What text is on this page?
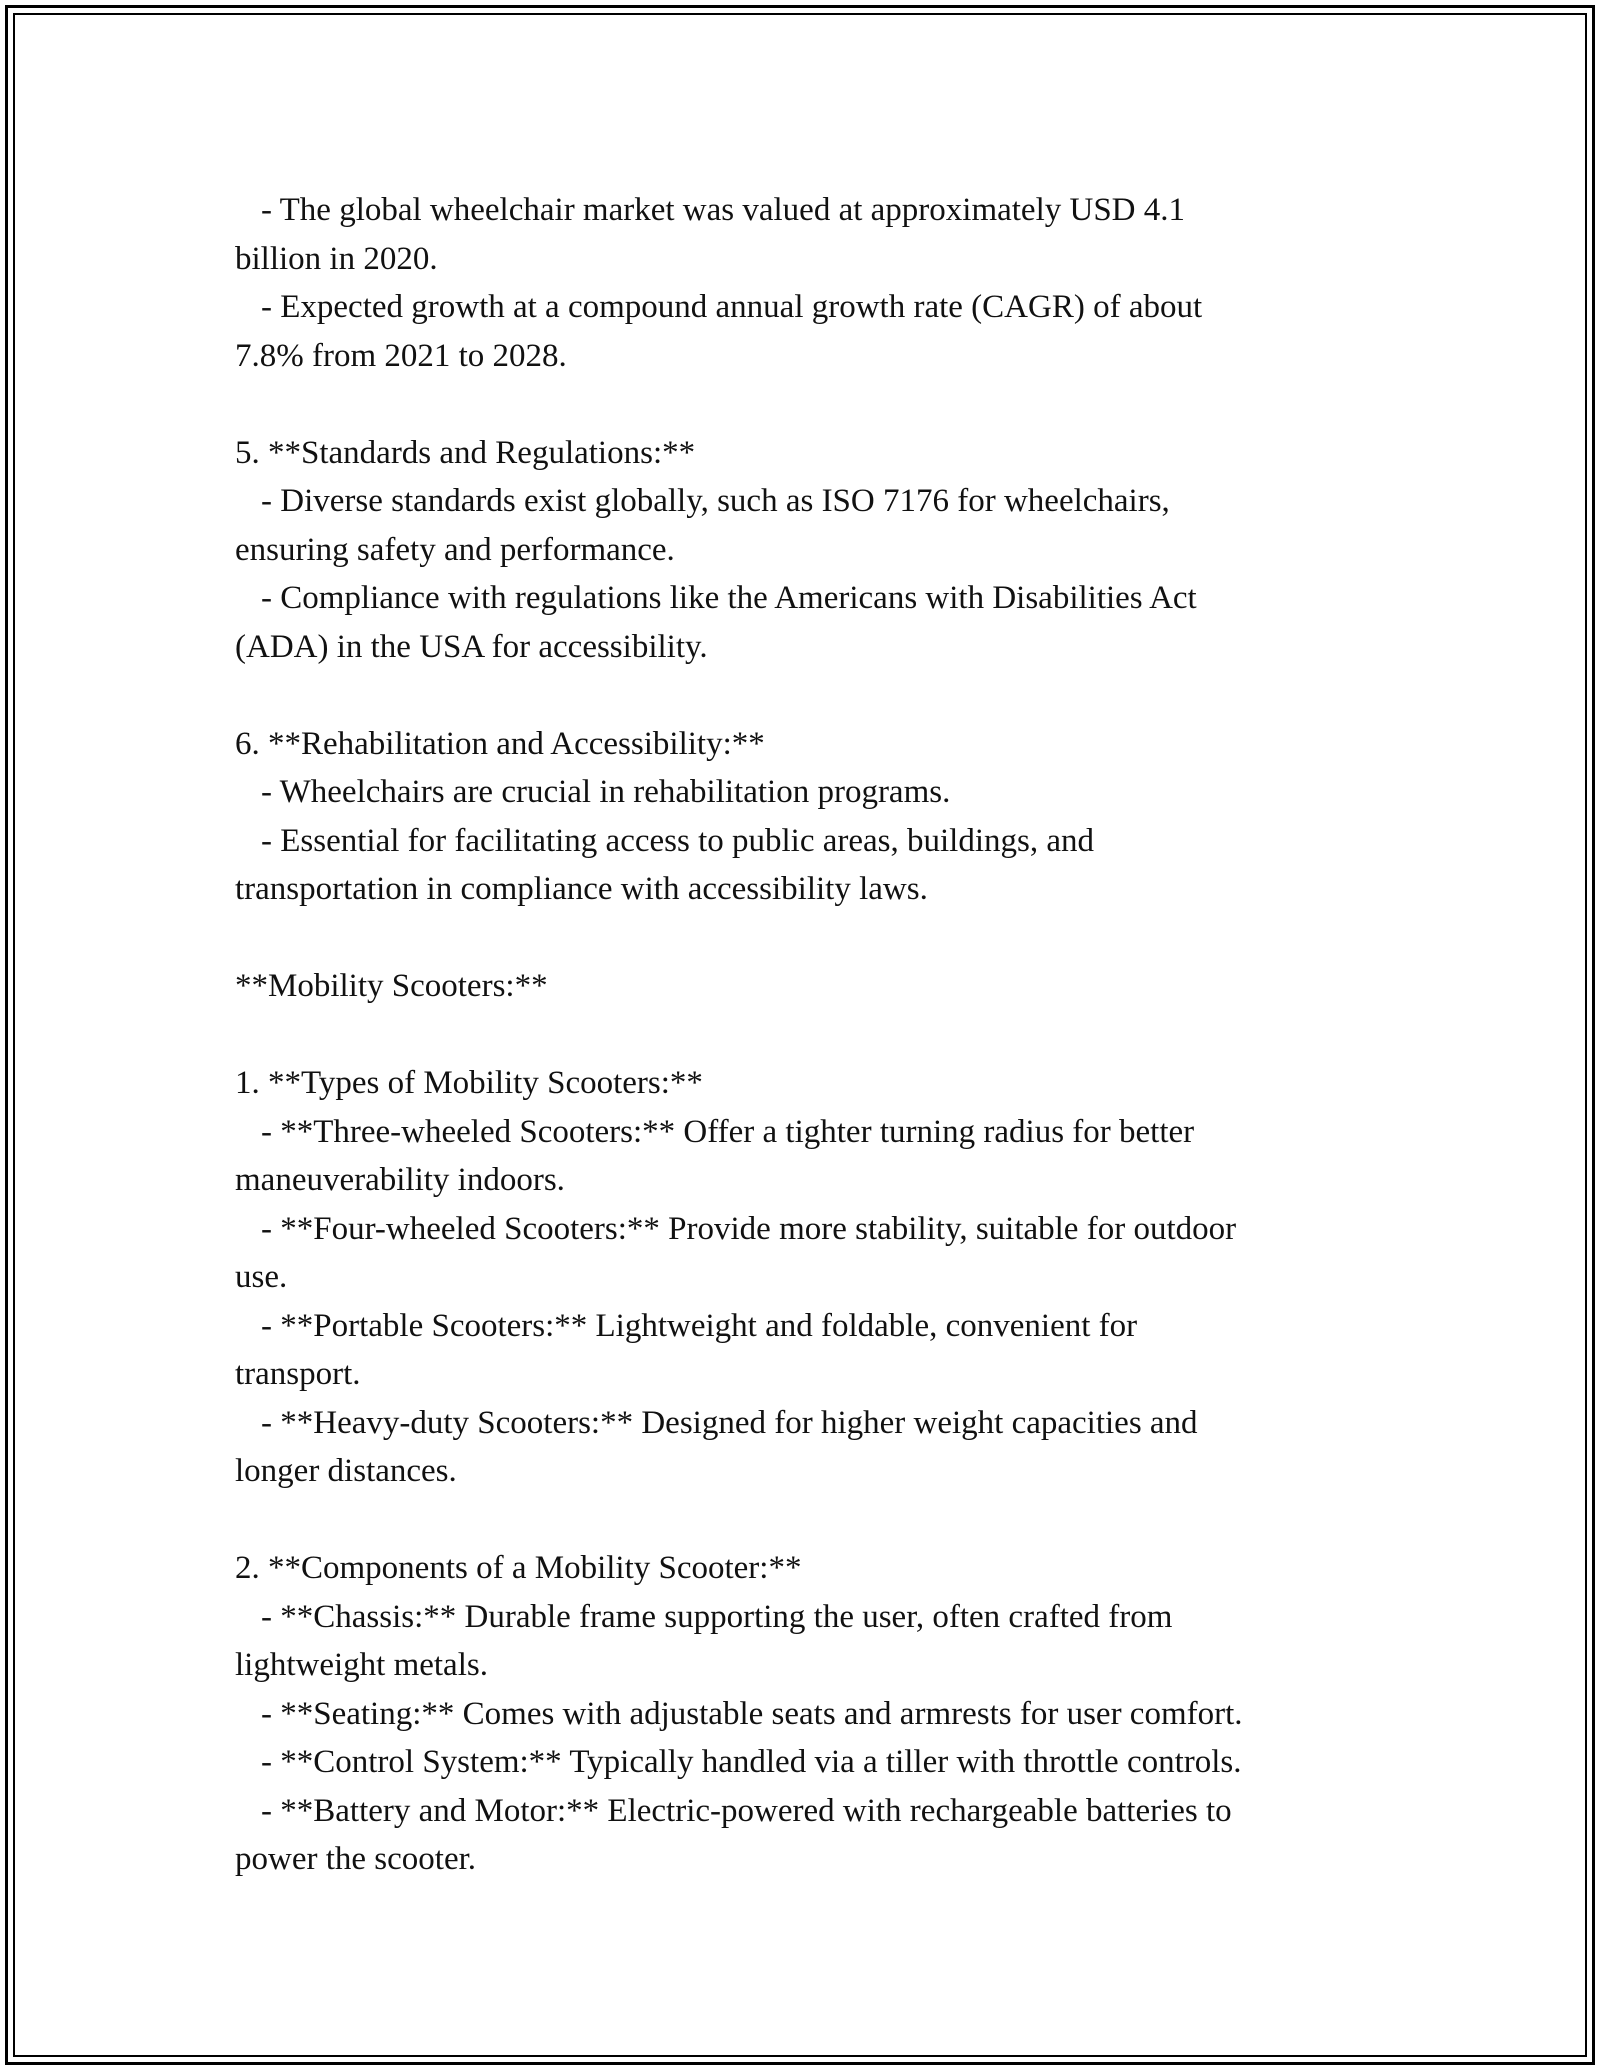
- The global wheelchair market was valued at approximately USD 4.1
billion in 2020.
- Expected growth at a compound annual growth rate (CAGR) of about
7.8% from 2021 to 2028.
5. **Standards and Regulations:**
- Diverse standards exist globally, such as ISO 7176 for wheelchairs,
ensuring safety and performance.
- Compliance with regulations like the Americans with Disabilities Act
(ADA) in the USA for accessibility.
6. **Rehabilitation and Accessibility:**
- Wheelchairs are crucial in rehabilitation programs.
- Essential for facilitating access to public areas, buildings, and
transportation in compliance with accessibility laws.
**Mobility Scooters:**
1. **Types of Mobility Scooters:**
- **Three-wheeled Scooters:** Offer a tighter turning radius for better
maneuverability indoors.
- **Four-wheeled Scooters:** Provide more stability, suitable for outdoor
use.
- **Portable Scooters:** Lightweight and foldable, convenient for
transport.
- **Heavy-duty Scooters:** Designed for higher weight capacities and
longer distances.
2. **Components of a Mobility Scooter:**
- **Chassis:** Durable frame supporting the user, often crafted from
lightweight metals.
- **Seating:** Comes with adjustable seats and armrests for user comfort.
- **Control System:** Typically handled via a tiller with throttle controls.
- **Battery and Motor:** Electric-powered with rechargeable batteries to
power the scooter.
